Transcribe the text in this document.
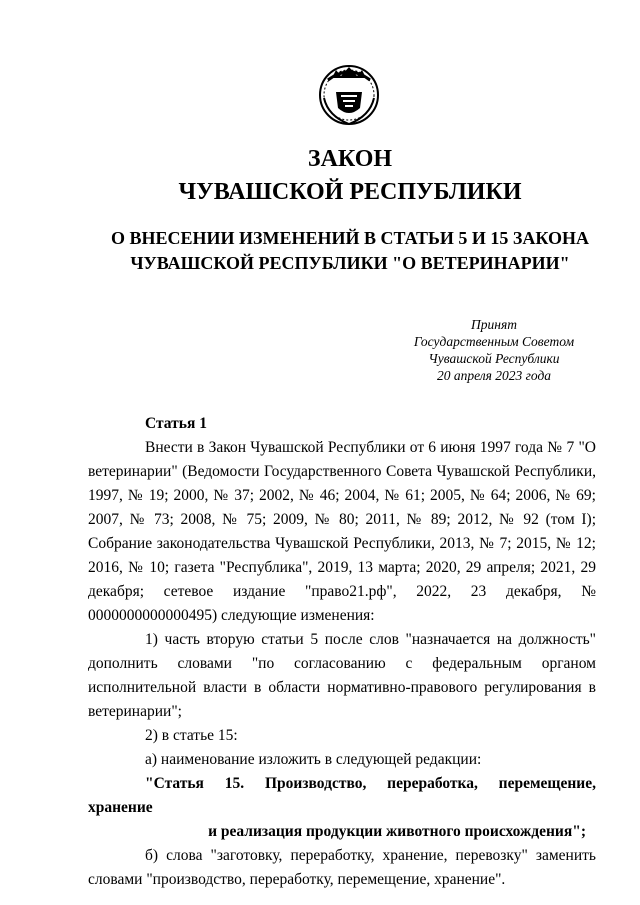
ЗАКОН
ЧУВАШСКОЙ РЕСПУБЛИКИ
О ВНЕСЕНИИ ИЗМЕНЕНИЙ В СТАТЬИ 5 И 15 ЗАКОНА
ЧУВАШСКОЙ РЕСПУБЛИКИ "О ВЕТЕРИНАРИИ"
Принят
Государственным Советом
Чувашской Республики
20 апреля 2023 года
Статья 1

Внести в Закон Чувашской Республики от 6 июня 1997 года № 7 "О ветеринарии" (Ведомости Государственного Совета Чувашской Республики, 1997, № 19; 2000, № 37; 2002, № 46; 2004, № 61; 2005, № 64; 2006, № 69; 2007, № 73; 2008, № 75; 2009, № 80; 2011, № 89; 2012, № 92 (том I); Собрание законодательства Чувашской Республики, 2013, № 7; 2015, № 12; 2016, № 10; газета "Республика", 2019, 13 марта; 2020, 29 апреля; 2021, 29 декабря; сетевое издание "право21.рф", 2022, 23 декабря, № 0000000000000495) следующие изменения:

1) часть вторую статьи 5 после слов "назначается на должность" дополнить словами "по согласованию с федеральным органом исполнительной власти в области нормативно-правового регулирования в ветеринарии";

2) в статье 15:

а) наименование изложить в следующей редакции:

"Статья 15. Производство, переработка, перемещение, хранение

и реализация продукции животного происхождения";

б) слова "заготовку, переработку, хранение, перевозку" заменить словами "производство, переработку, перемещение, хранение".
